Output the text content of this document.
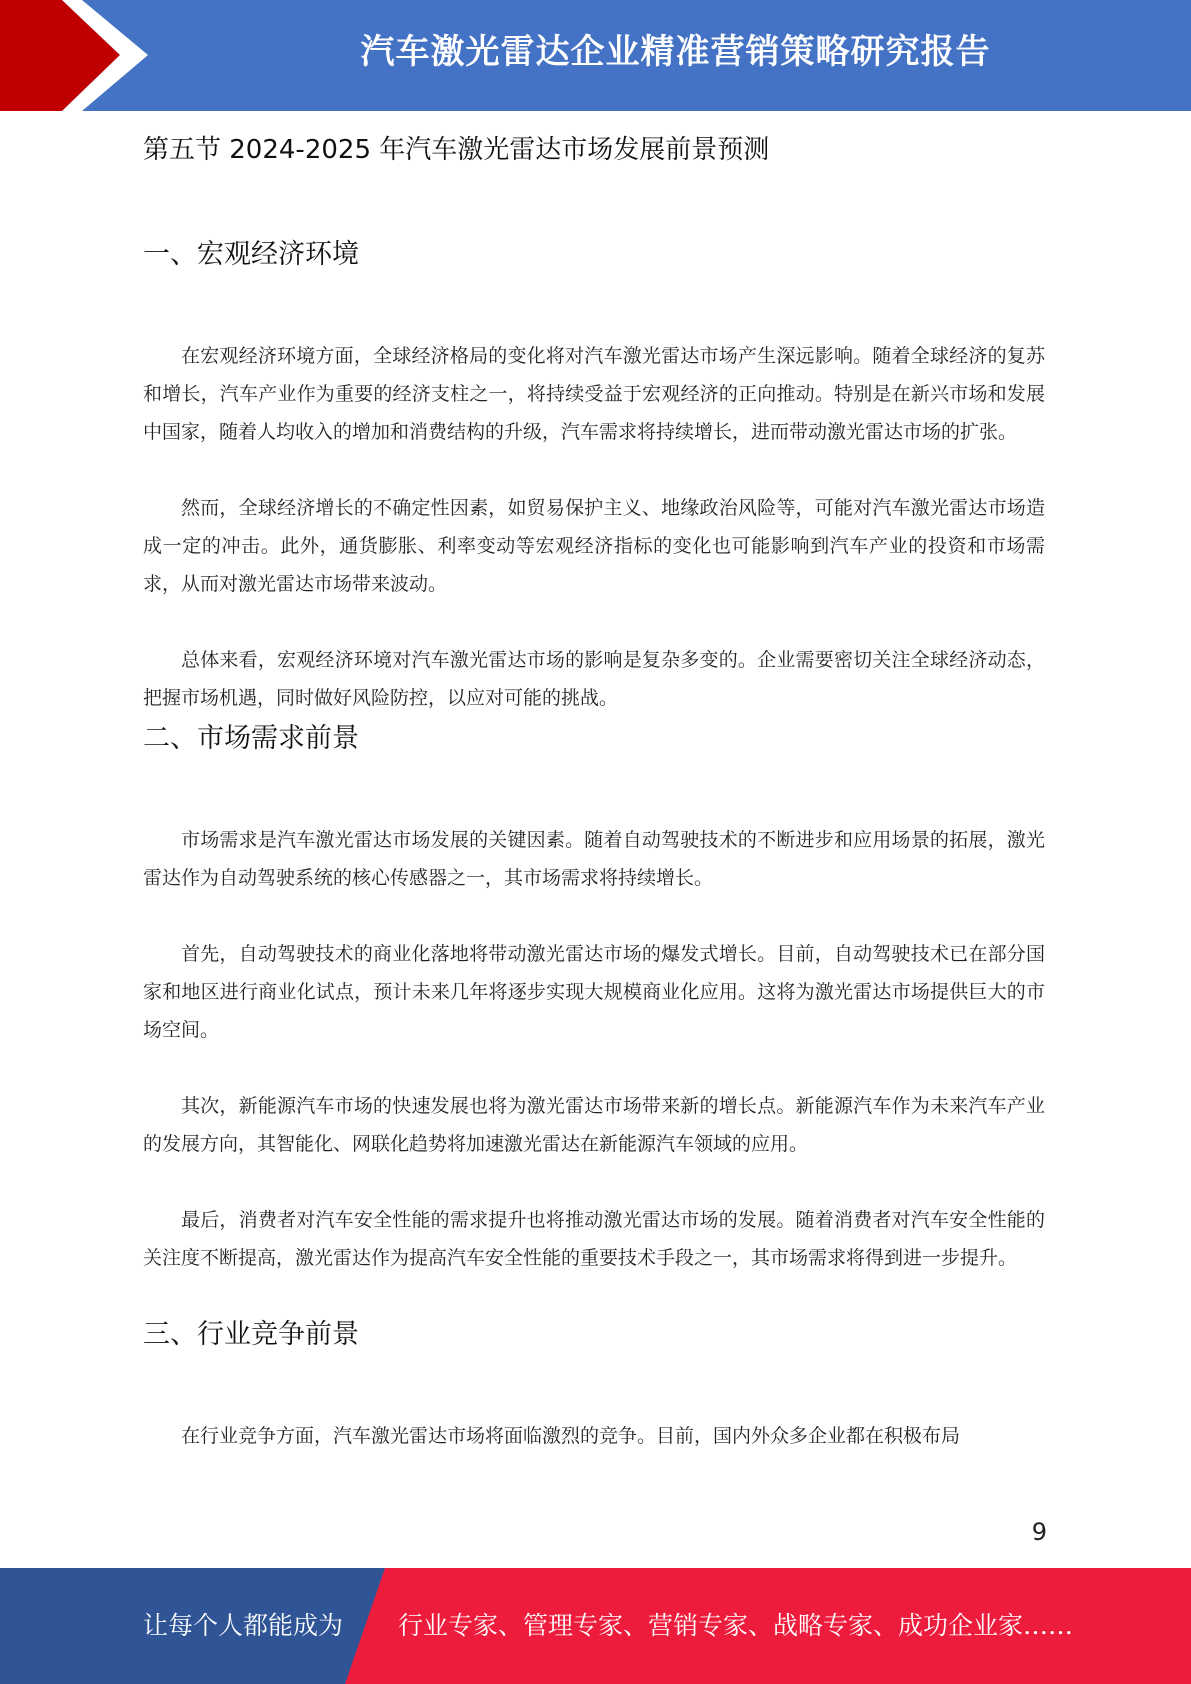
汽车激光雷达企业精准营销策略研究报告
第五节 2024-2025 年汽车激光雷达市场发展前景预测
一、宏观经济环境

在宏观经济环境方面，全球经济格局的变化将对汽车激光雷达市场产生深远影响。随着全球经济的复苏和增长，汽车产业作为重要的经济支柱之一，将持续受益于宏观经济的正向推动。特别是在新兴市场和发展中国家，随着人均收入的增加和消费结构的升级，汽车需求将持续增长，进而带动激光雷达市场的扩张。

然而，全球经济增长的不确定性因素，如贸易保护主义、地缘政治风险等，可能对汽车激光雷达市场造成一定的冲击。此外，通货膨胀、利率变动等宏观经济指标的变化也可能影响到汽车产业的投资和市场需求，从而对激光雷达市场带来波动。

总体来看，宏观经济环境对汽车激光雷达市场的影响是复杂多变的。企业需要密切关注全球经济动态，把握市场机遇，同时做好风险防控，以应对可能的挑战。

二、市场需求前景

市场需求是汽车激光雷达市场发展的关键因素。随着自动驾驶技术的不断进步和应用场景的拓展，激光雷达作为自动驾驶系统的核心传感器之一，其市场需求将持续增长。

首先，自动驾驶技术的商业化落地将带动激光雷达市场的爆发式增长。目前，自动驾驶技术已在部分国家和地区进行商业化试点，预计未来几年将逐步实现大规模商业化应用。这将为激光雷达市场提供巨大的市场空间。

其次，新能源汽车市场的快速发展也将为激光雷达市场带来新的增长点。新能源汽车作为未来汽车产业的发展方向，其智能化、网联化趋势将加速激光雷达在新能源汽车领域的应用。

最后，消费者对汽车安全性能的需求提升也将推动激光雷达市场的发展。随着消费者对汽车安全性能的关注度不断提高，激光雷达作为提高汽车安全性能的重要技术手段之一，其市场需求将得到进一步提升。

三、行业竞争前景

在行业竞争方面，汽车激光雷达市场将面临激烈的竞争。目前，国内外众多企业都在积极布局

9
让每个人都能成为 行业专家、管理专家、营销专家、战略专家、成功企业家……
